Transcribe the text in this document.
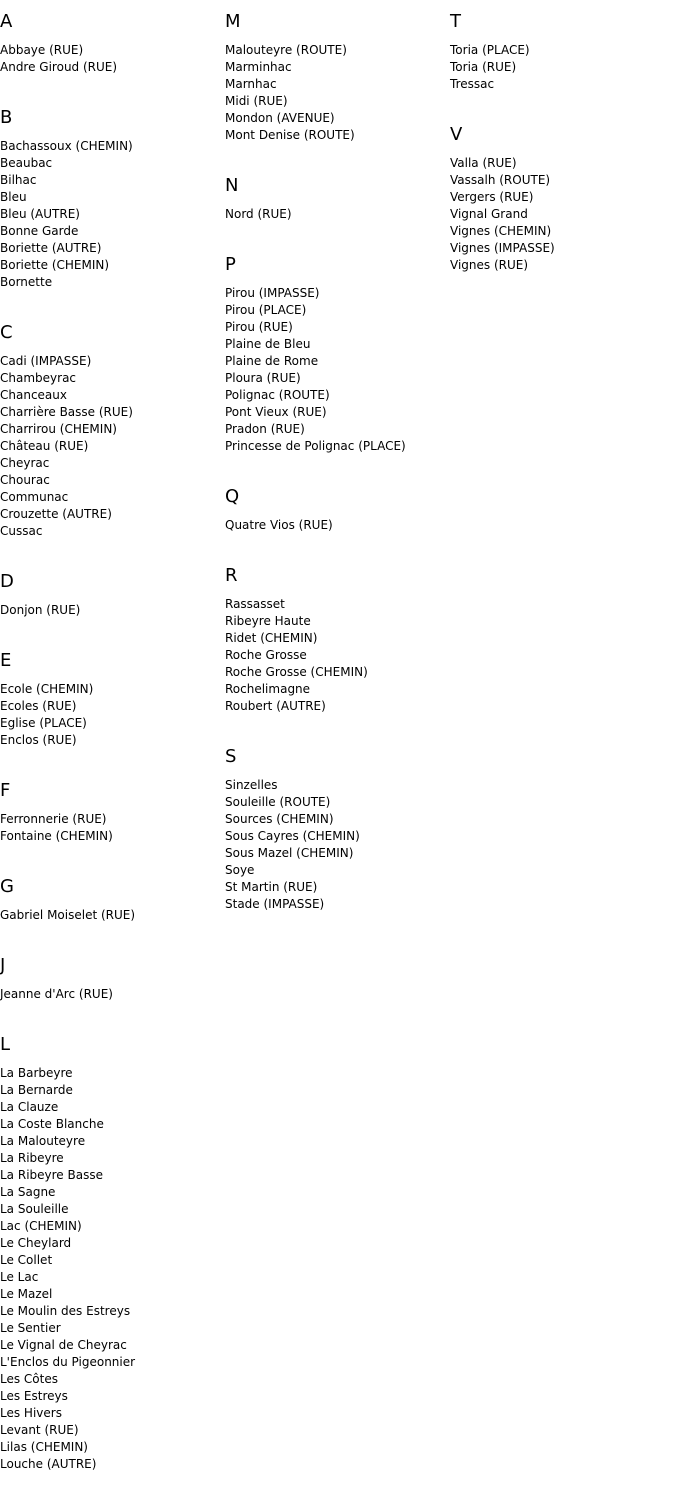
A
Abbaye (RUE)
Andre Giroud (RUE)
B
Bachassoux (CHEMIN)
Beaubac
Bilhac
Bleu
Bleu (AUTRE)
Bonne Garde
Boriette (AUTRE)
Boriette (CHEMIN)
Bornette
C
Cadi (IMPASSE)
Chambeyrac
Chanceaux
Charrière Basse (RUE)
Charrirou (CHEMIN)
Château (RUE)
Cheyrac
Chourac
Communac
Crouzette (AUTRE)
Cussac
D
Donjon (RUE)
E
Ecole (CHEMIN)
Ecoles (RUE)
Eglise (PLACE)
Enclos (RUE)
F
Ferronnerie (RUE)
Fontaine (CHEMIN)
G
Gabriel Moiselet (RUE)
J
Jeanne d'Arc (RUE)
L
La Barbeyre
La Bernarde
La Clauze
La Coste Blanche
La Malouteyre
La Ribeyre
La Ribeyre Basse
La Sagne
La Souleille
Lac (CHEMIN)
Le Cheylard
Le Collet
Le Lac
Le Mazel
Le Moulin des Estreys
Le Sentier
Le Vignal de Cheyrac
L'Enclos du Pigeonnier
Les Côtes
Les Estreys
Les Hivers
Levant (RUE)
Lilas (CHEMIN)
Louche (AUTRE)
M
Malouteyre (ROUTE)
Marminhac
Marnhac
Midi (RUE)
Mondon (AVENUE)
Mont Denise (ROUTE)
N
Nord (RUE)
P
Pirou (IMPASSE)
Pirou (PLACE)
Pirou (RUE)
Plaine de Bleu
Plaine de Rome
Ploura (RUE)
Polignac (ROUTE)
Pont Vieux (RUE)
Pradon (RUE)
Princesse de Polignac (PLACE)
Q
Quatre Vios (RUE)
R
Rassasset
Ribeyre Haute
Ridet (CHEMIN)
Roche Grosse
Roche Grosse (CHEMIN)
Rochelimagne
Roubert (AUTRE)
S
Sinzelles
Souleille (ROUTE)
Sources (CHEMIN)
Sous Cayres (CHEMIN)
Sous Mazel (CHEMIN)
Soye
St Martin (RUE)
Stade (IMPASSE)
T
Toria (PLACE)
Toria (RUE)
Tressac
V
Valla (RUE)
Vassalh (ROUTE)
Vergers (RUE)
Vignal Grand
Vignes (CHEMIN)
Vignes (IMPASSE)
Vignes (RUE)
